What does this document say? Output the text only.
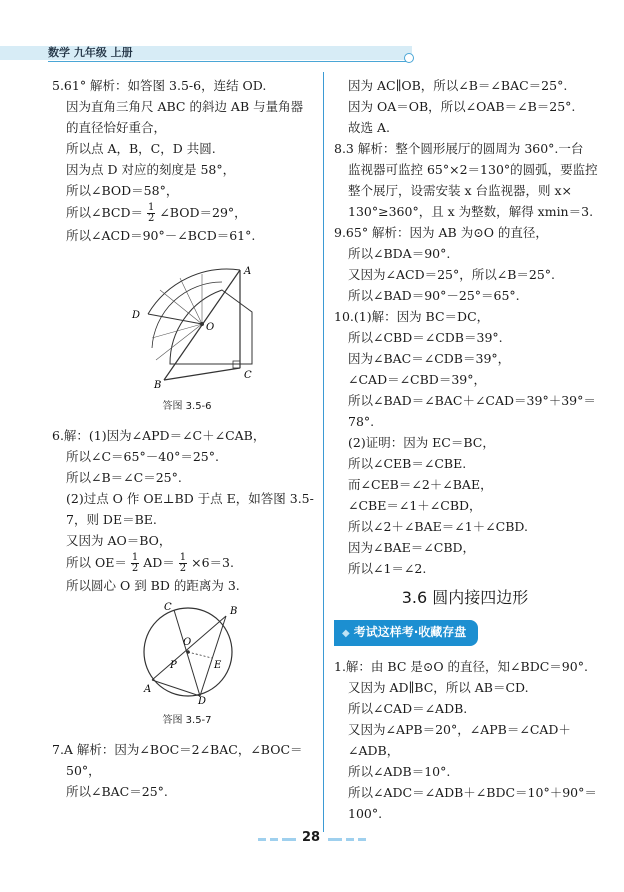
数学 九年级 上册
5.61° 解析：如答图 3.5-6，连结 OD.
因为直角三角尺 ABC 的斜边 AB 与量角器
的直径恰好重合，
所以点 A，B，C，D 共圆.
因为点 D 对应的刻度是 58°，
所以∠BOD＝58°，
所以∠BCD＝ $\frac{1}{2}$ ∠BOD＝29°，
所以∠ACD＝90°－∠BCD＝61°.
A
B
C
D
O
答图 3.5-6
6.解：(1)因为∠APD＝∠C＋∠CAB，
所以∠C＝65°－40°＝25°.
所以∠B＝∠C＝25°.
(2)过点 O 作 OE⊥BD 于点 E，如答图 3.5-
7，则 DE＝BE.
又因为 AO＝BO，
所以 $OE= \frac{1}{2} AD= \frac{1}{2} \times 6=3$.
所以圆心 O 到 BD 的距离为 3.
A
B
C
D
O
P	E
答图 3.5-7
7.A 解析：因为∠BOC＝2∠BAC，∠BOC＝
50°，
所以∠BAC＝25°.
因为 AC∥OB，所以∠B＝∠BAC＝25°.
因为 OA＝OB，所以∠OAB＝∠B＝25°.
故选 A.
8.3 解析：整个圆形展厅的圆周为 360°.一台
监视器可监控 65°×2＝130°的圆弧，要监控
整个展厅，设需安装 x 台监视器，则 x×
130°≥360°，且 x 为整数，解得 xmin＝3.
9.65° 解析：因为 AB 为⊙O 的直径，
所以∠BDA＝90°.
又因为∠ACD＝25°，所以∠B＝25°.
所以∠BAD＝90°－25°＝65°.
10.(1)解：因为 BC＝DC，
所以∠CBD＝∠CDB＝39°.
因为∠BAC＝∠CDB＝39°，
∠CAD＝∠CBD＝39°，
所以∠BAD＝∠BAC＋∠CAD＝39°＋39°＝
78°.
(2)证明：因为 EC＝BC，
所以∠CEB＝∠CBE.
而∠CEB＝∠2＋∠BAE，
∠CBE＝∠1＋∠CBD，
所以∠2＋∠BAE＝∠1＋∠CBD.
因为∠BAE＝∠CBD，
所以∠1＝∠2.
3.6 圆内接四边形
◆ 考试这样考·收藏存盘
1.解：由 BC 是⊙O 的直径，知∠BDC＝90°.
又因为 AD∥BC，所以 AB＝CD.
所以∠CAD＝∠ADB.
又因为∠APB＝20°，∠APB＝∠CAD＋
∠ADB，
所以∠ADB＝10°.
所以∠ADC＝∠ADB＋∠BDC＝10°＋90°＝
100°.
28
